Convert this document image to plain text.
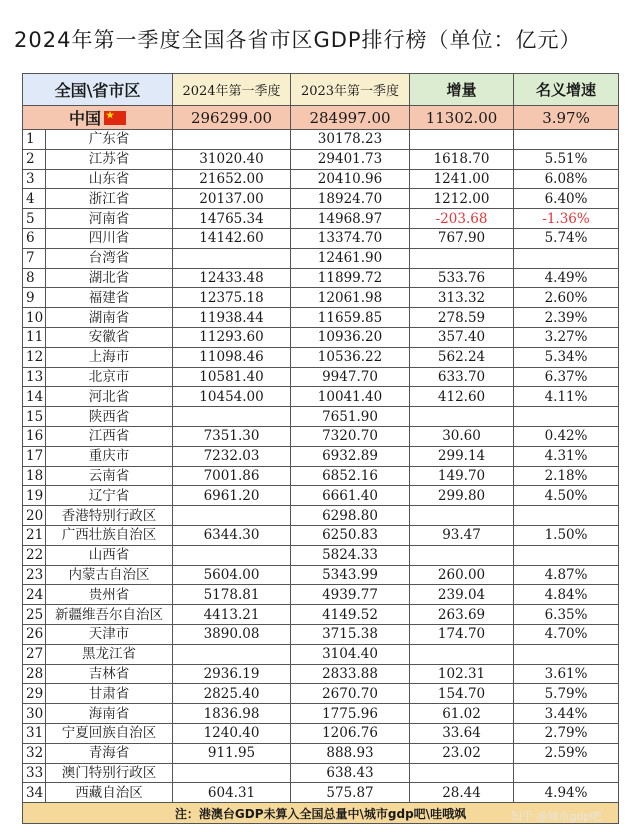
2024年第一季度全国各省市区GDP排行榜（单位：亿元）
全国\省市区		2024年第一季度	2023年第一季度	增量	名义增速
中国★		296299.00	284997.00	11302.00	3.97%
1	广东省		30178.23		
2	江苏省	31020.40	29401.73	1618.70	5.51%
3	山东省	21652.00	20410.96	1241.00	6.08%
4	浙江省	20137.00	18924.70	1212.00	6.40%
5	河南省	14765.34	14968.97	-203.68	-1.36%
6	四川省	14142.60	13374.70	767.90	5.74%
7	台湾省		12461.90		
8	湖北省	12433.48	11899.72	533.76	4.49%
9	福建省	12375.18	12061.98	313.32	2.60%
10	湖南省	11938.44	11659.85	278.59	2.39%
11	安徽省	11293.60	10936.20	357.40	3.27%
12	上海市	11098.46	10536.22	562.24	5.34%
13	北京市	10581.40	9947.70	633.70	6.37%
14	河北省	10454.00	10041.40	412.60	4.11%
15	陕西省		7651.90		
16	江西省	7351.30	7320.70	30.60	0.42%
17	重庆市	7232.03	6932.89	299.14	4.31%
18	云南省	7001.86	6852.16	149.70	2.18%
19	辽宁省	6961.20	6661.40	299.80	4.50%
20	香港特别行政区		6298.80		
21	广西壮族自治区	6344.30	6250.83	93.47	1.50%
22	山西省		5824.33		
23	内蒙古自治区	5604.00	5343.99	260.00	4.87%
24	贵州省	5178.81	4939.77	239.04	4.84%
25	新疆维吾尔自治区	4413.21	4149.52	263.69	6.35%
26	天津市	3890.08	3715.38	174.70	4.70%
27	黑龙江省		3104.40		
28	吉林省	2936.19	2833.88	102.31	3.61%
29	甘肃省	2825.40	2670.70	154.70	5.79%
30	海南省	1836.98	1775.96	61.02	3.44%
31	宁夏回族自治区	1240.40	1206.76	33.64	2.79%
32	青海省	911.95	888.93	23.02	2.59%
33	澳门特别行政区		638.43		
34	西藏自治区	604.31	575.87	28.44	4.94%
注：港澳台GDP未算入全国总量中\城市gdp吧\哇哦飒						知乎 @城市gdp吧
